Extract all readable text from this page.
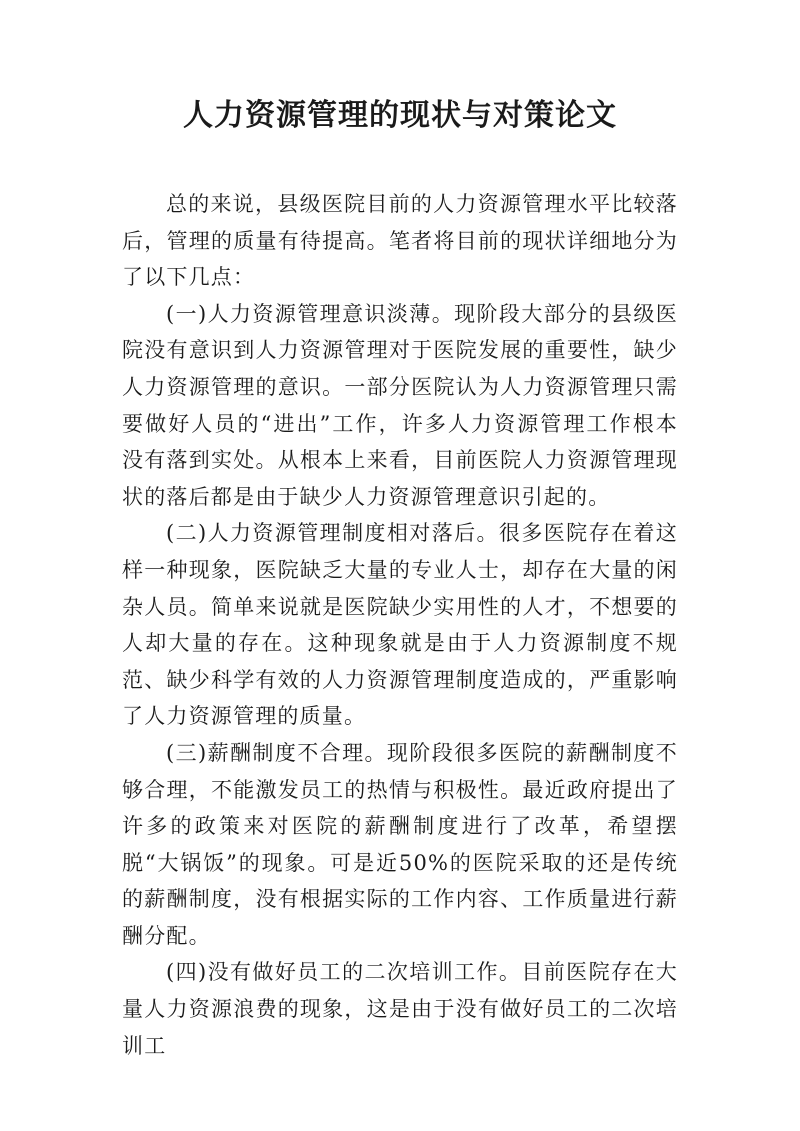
人力资源管理的现状与对策论文

总的来说，县级医院目前的人力资源管理水平比较落后，管理的质量有待提高。笔者将目前的现状详细地分为了以下几点：

(一)人力资源管理意识淡薄。现阶段大部分的县级医院没有意识到人力资源管理对于医院发展的重要性，缺少人力资源管理的意识。一部分医院认为人力资源管理只需要做好人员的“进出”工作，许多人力资源管理工作根本没有落到实处。从根本上来看，目前医院人力资源管理现状的落后都是由于缺少人力资源管理意识引起的。

(二)人力资源管理制度相对落后。很多医院存在着这样一种现象，医院缺乏大量的专业人士，却存在大量的闲杂人员。简单来说就是医院缺少实用性的人才，不想要的人却大量的存在。这种现象就是由于人力资源制度不规范、缺少科学有效的人力资源管理制度造成的，严重影响了人力资源管理的质量。

(三)薪酬制度不合理。现阶段很多医院的薪酬制度不够合理，不能激发员工的热情与积极性。最近政府提出了许多的政策来对医院的薪酬制度进行了改革，希望摆脱“大锅饭”的现象。可是近50%的医院采取的还是传统的薪酬制度，没有根据实际的工作内容、工作质量进行薪酬分配。

(四)没有做好员工的二次培训工作。目前医院存在大量人力资源浪费的现象，这是由于没有做好员工的二次培训工
